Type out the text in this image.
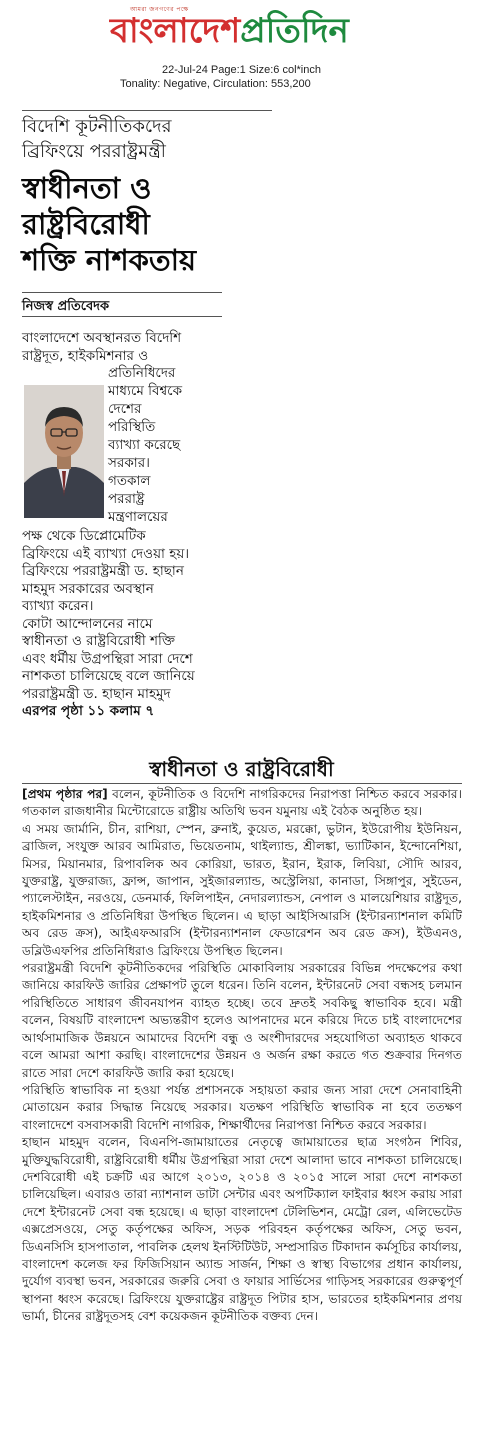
আমরা জনগণের পক্ষে
বাংলাদেশপ্রতিদিন
22-Jul-24 Page:1 Size:6 col*inch
Tonality: Negative, Circulation: 553,200
বিদেশি কূটনীতিকদের
ব্রিফিংয়ে পররাষ্ট্রমন্ত্রী
স্বাধীনতা ও
রাষ্ট্রবিরোধী
শক্তি নাশকতায়
নিজস্ব প্রতিবেদক

বাংলাদেশে অবস্থানরত বিদেশি

রাষ্ট্রদূত, হাইকমিশনার ও

প্রতিনিধিদের
মাধ্যমে বিশ্বকে
দেশের
পরিস্থিতি
ব্যাখ্যা করেছে
সরকার।
গতকাল
পররাষ্ট্র
মন্ত্রণালয়ের

পক্ষ থেকে ডিপ্লোমেটিক

ব্রিফিংয়ে এই ব্যাখ্যা দেওয়া হয়।

ব্রিফিংয়ে পররাষ্ট্রমন্ত্রী ড. হাছান

মাহমুদ সরকারের অবস্থান

ব্যাখ্যা করেন।

কোটা আন্দোলনের নামে

স্বাধীনতা ও রাষ্ট্রবিরোধী শক্তি

এবং ধর্মীয় উগ্রপন্থিরা সারা দেশে

নাশকতা চালিয়েছে বলে জানিয়ে

পররাষ্ট্রমন্ত্রী ড. হাছান মাহমুদ

এরপর পৃষ্ঠা ১১ কলাম ৭

স্বাধীনতা ও রাষ্ট্রবিরোধী

[প্রথম পৃষ্ঠার পর] বলেন, কূটনীতিক ও বিদেশি নাগরিকদের নিরাপত্তা নিশ্চিত করবে সরকার। গতকাল রাজধানীর মিন্টোরোডে রাষ্ট্রীয় অতিথি ভবন যমুনায় এই বৈঠক অনুষ্ঠিত হয়।

এ সময় জার্মানি, চীন, রাশিয়া, স্পেন, ব্রুনাই, কুয়েত, মরক্কো, ভুটান, ইউরোপীয় ইউনিয়ন, ব্রাজিল, সংযুক্ত আরব আমিরাত, ভিয়েতনাম, থাইল্যান্ড, শ্রীলঙ্কা, ভ্যাটিকান, ইন্দোনেশিয়া, মিসর, মিয়ানমার, রিপাবলিক অব কোরিয়া, ভারত, ইরান, ইরাক, লিবিয়া, সৌদি আরব, যুক্তরাষ্ট্র, যুক্তরাজ্য, ফ্রান্স, জাপান, সুইজারল্যান্ড, অস্ট্রেলিয়া, কানাডা, সিঙ্গাপুর, সুইডেন, প্যালেস্টাইন, নরওয়ে, ডেনমার্ক, ফিলিপাইন, নেদারল্যান্ডস, নেপাল ও মালয়েশিয়ার রাষ্ট্রদূত, হাইকমিশনার ও প্রতিনিধিরা উপস্থিত ছিলেন। এ ছাড়া আইসিআরসি (ইন্টারন্যাশনাল কমিটি অব রেড ক্রস), আইএফআরসি (ইন্টারন্যাশনাল ফেডারেশন অব রেড ক্রস), ইউএনও, ডব্লিউএফপির প্রতিনিধিরাও ব্রিফিংয়ে উপস্থিত ছিলেন।

পররাষ্ট্রমন্ত্রী বিদেশি কূটনীতিকদের পরিস্থিতি মোকাবিলায় সরকারের বিভিন্ন পদক্ষেপের কথা জানিয়ে কারফিউ জারির প্রেক্ষাপট তুলে ধরেন। তিনি বলেন, ইন্টারনেট সেবা বন্ধসহ চলমান পরিস্থিতিতে সাধারণ জীবনযাপন ব্যাহত হচ্ছে। তবে দ্রুতই সবকিছু স্বাভাবিক হবে। মন্ত্রী বলেন, বিষয়টি বাংলাদেশ অভ্যন্তরীণ হলেও আপনাদের মনে করিয়ে দিতে চাই বাংলাদেশের আর্থসামাজিক উন্নয়নে আমাদের বিদেশি বন্ধু ও অংশীদারদের সহযোগিতা অব্যাহত থাকবে বলে আমরা আশা করছি। বাংলাদেশের উন্নয়ন ও অর্জন রক্ষা করতে গত শুক্রবার দিনগত রাতে সারা দেশে কারফিউ জারি করা হয়েছে।

পরিস্থিতি স্বাভাবিক না হওয়া পর্যন্ত প্রশাসনকে সহায়তা করার জন্য সারা দেশে সেনাবাহিনী মোতায়েন করার সিদ্ধান্ত নিয়েছে সরকার। যতক্ষণ পরিস্থিতি স্বাভাবিক না হবে ততক্ষণ বাংলাদেশে বসবাসকারী বিদেশি নাগরিক, শিক্ষার্থীদের নিরাপত্তা নিশ্চিত করবে সরকার।

হাছান মাহমুদ বলেন, বিএনপি-জামায়াতের নেতৃত্বে জামায়াতের ছাত্র সংগঠন শিবির, মুক্তিযুদ্ধবিরোধী, রাষ্ট্রবিরোধী ধর্মীয় উগ্রপন্থিরা সারা দেশে আলাদা ভাবে নাশকতা চালিয়েছে। দেশবিরোধী এই চক্রটি এর আগে ২০১৩, ২০১৪ ও ২০১৫ সালে সারা দেশে নাশকতা চালিয়েছিল। এবারও তারা ন্যাশনাল ডাটা সেন্টার এবং অপটিক্যাল ফাইবার ধ্বংস করায় সারা দেশে ইন্টারনেট সেবা বন্ধ হয়েছে। এ ছাড়া বাংলাদেশ টেলিভিশন, মেট্রো রেল, এলিভেটেড এক্সপ্রেসওয়ে, সেতু কর্তৃপক্ষের অফিস, সড়ক পরিবহন কর্তৃপক্ষের অফিস, সেতু ভবন, ডিএনসিসি হাসপাতাল, পাবলিক হেলথ ইনস্টিটিউট, সম্প্রসারিত টিকাদান কর্মসূচির কার্যালয়, বাংলাদেশ কলেজ ফর ফিজিসিয়ান অ্যান্ড সার্জন, শিক্ষা ও স্বাস্থ্য বিভাগের প্রধান কার্যালয়, দুর্যোগ ব্যবস্থা ভবন, সরকারের জরুরি সেবা ও ফায়ার সার্ভিসের গাড়িসহ সরকারের গুরুত্বপূর্ণ স্থাপনা ধ্বংস করেছে। ব্রিফিংয়ে যুক্তরাষ্ট্রের রাষ্ট্রদূত পিটার হাস, ভারতের হাইকমিশনার প্রণয় ভার্মা, চীনের রাষ্ট্রদূতসহ বেশ কয়েকজন কূটনীতিক বক্তব্য দেন।
